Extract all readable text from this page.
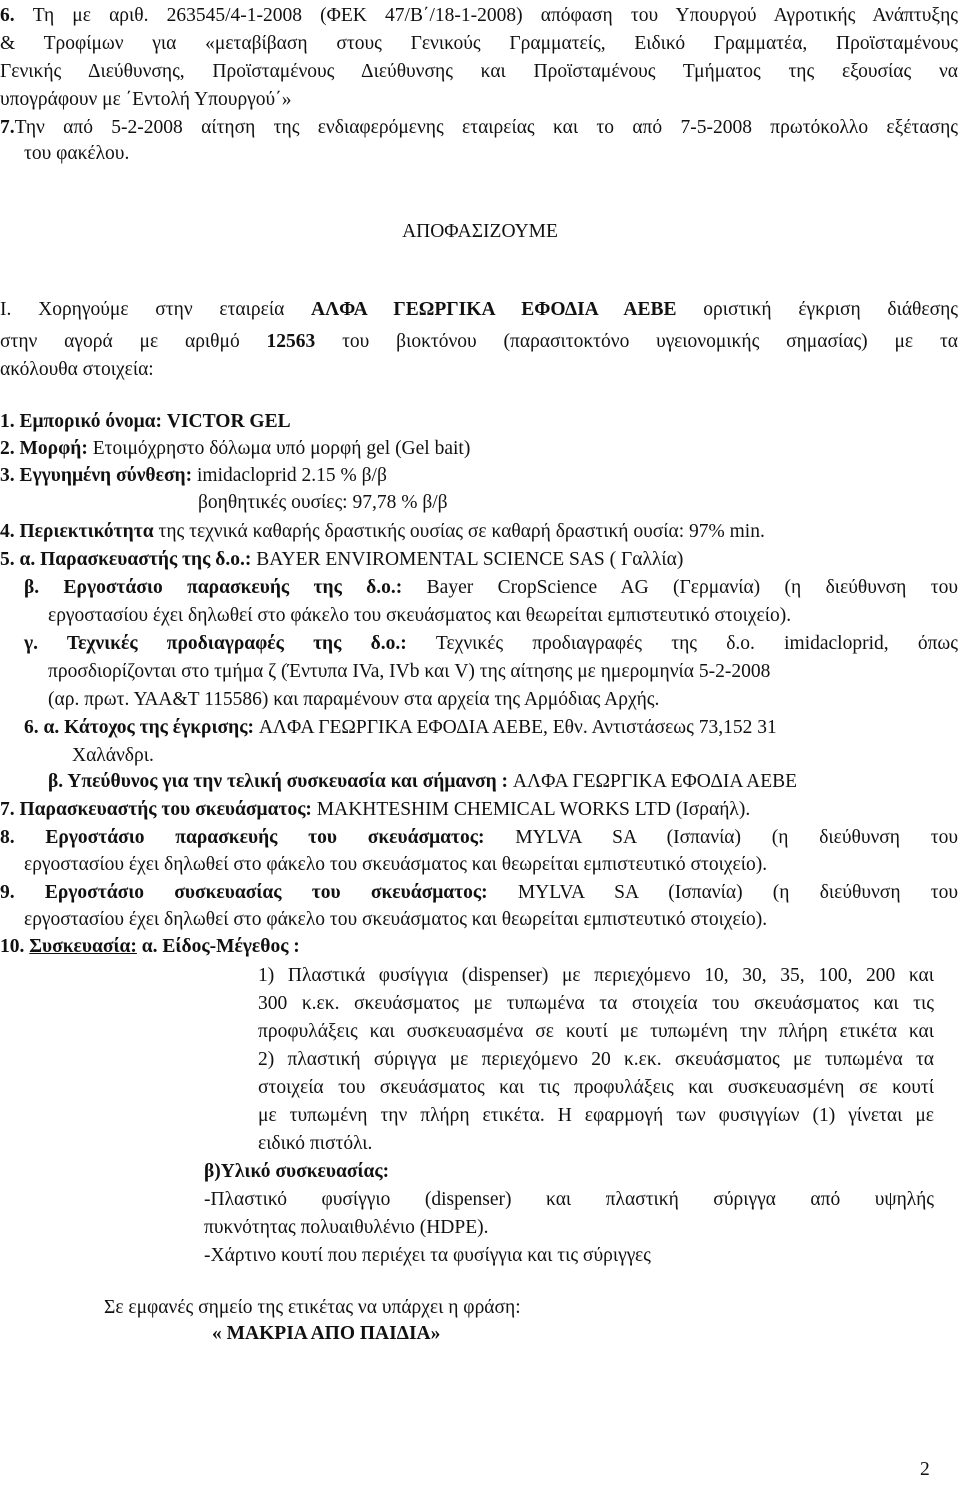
6. Τη με αριθ. 263545/4-1-2008 (ΦΕΚ 47/Β΄/18-1-2008) απόφαση του Υπουργού Αγροτικής Ανάπτυξης
& Τροφίμων για «μεταβίβαση στους Γενικούς Γραμματείς, Ειδικό Γραμματέα, Προϊσταμένους
Γενικής Διεύθυνσης, Προϊσταμένους Διεύθυνσης και Προϊσταμένους Τμήματος της εξουσίας να
υπογράφουν με ΄Εντολή Υπουργού΄»
7.Την από 5-2-2008 αίτηση της ενδιαφερόμενης εταιρείας και το από 7-5-2008 πρωτόκολλο εξέτασης
του φακέλου.
ΑΠΟΦΑΣΙΖΟΥΜΕ
Ι. Χορηγούμε στην εταιρεία ΑΛΦΑ ΓΕΩΡΓΙΚΑ ΕΦΟΔΙΑ ΑΕΒΕ οριστική έγκριση διάθεσης
στην αγορά με αριθμό 12563 του βιοκτόνου (παρασιτοκτόνο υγειονομικής σημασίας) με τα
ακόλουθα στοιχεία:
1. Εμπορικό όνομα: VICTOR GEL
2. Μορφή: Ετοιμόχρηστο δόλωμα υπό μορφή gel (Gel bait)
3. Εγγυημένη σύνθεση: imidacloprid 2.15 % β/β
βοηθητικές ουσίες: 97,78 % β/β
4. Περιεκτικότητα της τεχνικά καθαρής δραστικής ουσίας σε καθαρή δραστική ουσία: 97% min.
5. α. Παρασκευαστής της δ.ο.: BAYER ENVIROMENTAL SCIENCE SAS ( Γαλλία)
β. Εργοστάσιο παρασκευής της δ.ο.: Bayer CropScience AG (Γερμανία) (η διεύθυνση του
εργοστασίου έχει δηλωθεί στο φάκελο του σκευάσματος και θεωρείται εμπιστευτικό στοιχείο).
γ. Τεχνικές προδιαγραφές της δ.ο.: Τεχνικές προδιαγραφές της δ.ο. imidacloprid, όπως
προσδιορίζονται στο τμήμα ζ (Έντυπα IVa, IVb και V) της αίτησης με ημερομηνία 5-2-2008
(αρ. πρωτ. ΥΑΑ&Τ 115586) και παραμένουν στα αρχεία της Αρμόδιας Αρχής.
6. α. Κάτοχος της έγκρισης: ΑΛΦΑ ΓΕΩΡΓΙΚΑ ΕΦΟΔΙΑ ΑΕΒΕ, Εθν. Αντιστάσεως 73,152 31
Χαλάνδρι.
β. Υπεύθυνος για την τελική συσκευασία και σήμανση : ΑΛΦΑ ΓΕΩΡΓΙΚΑ ΕΦΟΔΙΑ ΑΕΒΕ
7. Παρασκευαστής του σκευάσματος: MAKHTESHIM CHEMICAL WORKS LTD (Ισραήλ).
8. Εργοστάσιο παρασκευής του σκευάσματος: MYLVA SA (Ισπανία) (η διεύθυνση του
εργοστασίου έχει δηλωθεί στο φάκελο του σκευάσματος και θεωρείται εμπιστευτικό στοιχείο).
9. Εργοστάσιο συσκευασίας του σκευάσματος: MYLVA SA (Ισπανία) (η διεύθυνση του
εργοστασίου έχει δηλωθεί στο φάκελο του σκευάσματος και θεωρείται εμπιστευτικό στοιχείο).
10. Συσκευασία: α. Είδος-Μέγεθος :
1) Πλαστικά φυσίγγια (dispenser) με περιεχόμενο 10, 30, 35, 100, 200 και
300 κ.εκ. σκευάσματος με τυπωμένα τα στοιχεία του σκευάσματος και τις
προφυλάξεις και συσκευασμένα σε κουτί με τυπωμένη την πλήρη ετικέτα και
2) πλαστική σύριγγα με περιεχόμενο 20 κ.εκ. σκευάσματος με τυπωμένα τα
στοιχεία του σκευάσματος και τις προφυλάξεις και συσκευασμένη σε κουτί
με τυπωμένη την πλήρη ετικέτα. Η εφαρμογή των φυσιγγίων (1) γίνεται με
ειδικό πιστόλι.
β)Υλικό συσκευασίας:
-Πλαστικό φυσίγγιο (dispenser) και πλαστική σύριγγα από υψηλής
πυκνότητας πολυαιθυλένιο (HDPE).
-Χάρτινο κουτί που περιέχει τα φυσίγγια και τις σύριγγες
Σε εμφανές σημείο της ετικέτας να υπάρχει η φράση:
« ΜΑΚΡΙΑ ΑΠΟ ΠΑΙΔΙΑ»
2
